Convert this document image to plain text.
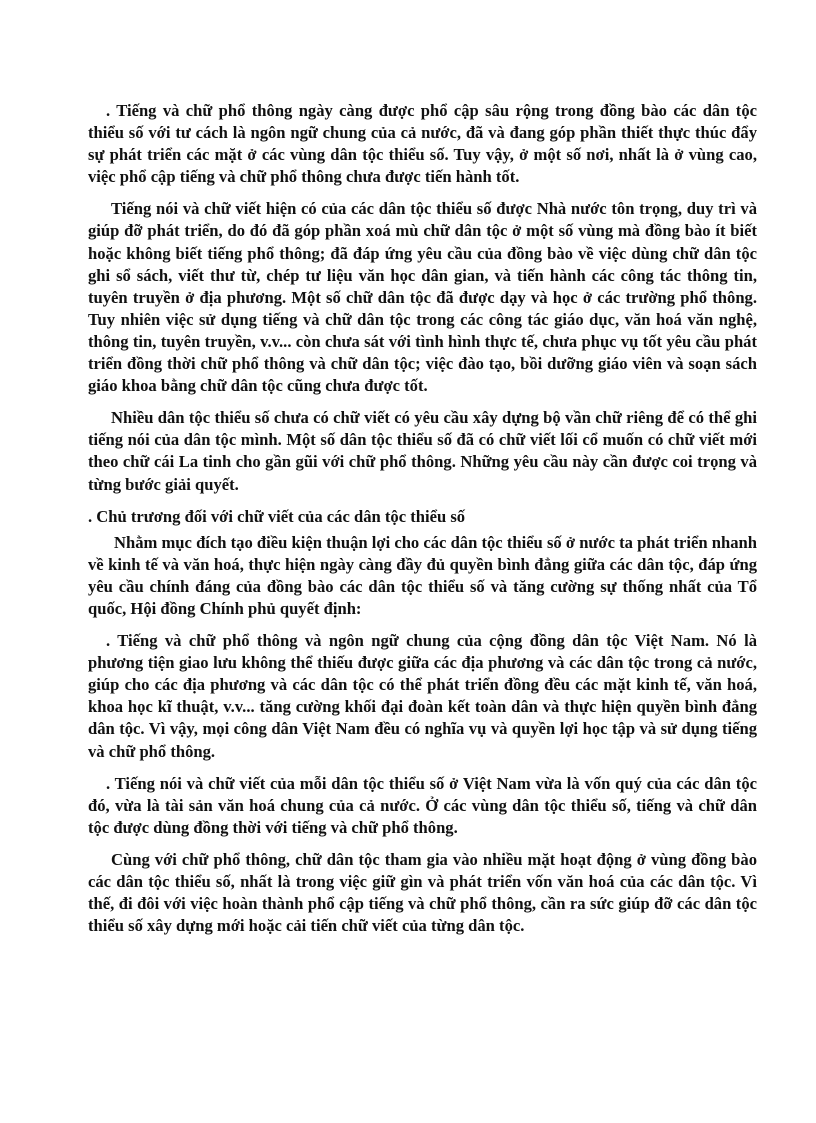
. Tiếng và chữ phổ thông ngày càng được phổ cập sâu rộng trong đồng bào các dân tộc thiểu số với tư cách là ngôn ngữ chung của cả nước, đã và đang góp phần thiết thực thúc đẩy sự phát triển các mặt ở các vùng dân tộc thiểu số. Tuy vậy, ở một số nơi, nhất là ở vùng cao, việc phổ cập tiếng và chữ phổ thông chưa được tiến hành tốt.

Tiếng nói và chữ viết hiện có của các dân tộc thiểu số được Nhà nước tôn trọng, duy trì và giúp đỡ phát triển, do đó đã góp phần xoá mù chữ dân tộc ở một số vùng mà đồng bào ít biết hoặc không biết tiếng phổ thông; đã đáp ứng yêu cầu của đồng bào về việc dùng chữ dân tộc ghi sổ sách, viết thư từ, chép tư liệu văn học dân gian, và tiến hành các công tác thông tin, tuyên truyền ở địa phương. Một số chữ dân tộc đã được dạy và học ở các trường phổ thông. Tuy nhiên việc sử dụng tiếng và chữ dân tộc trong các công tác giáo dục, văn hoá văn nghệ, thông tin, tuyên truyền, v.v... còn chưa sát với tình hình thực tế, chưa phục vụ tốt yêu cầu phát triển đồng thời chữ phổ thông và chữ dân tộc; việc đào tạo, bồi dưỡng giáo viên và soạn sách giáo khoa bằng chữ dân tộc cũng chưa được tốt.

Nhiều dân tộc thiểu số chưa có chữ viết có yêu cầu xây dựng bộ vần chữ riêng để có thể ghi tiếng nói của dân tộc mình. Một số dân tộc thiểu số đã có chữ viết lối cổ muốn có chữ viết mới theo chữ cái La tinh cho gần gũi với chữ phổ thông. Những yêu cầu này cần được coi trọng và từng bước giải quyết.

. Chủ trương đối với chữ viết của các dân tộc thiểu số

Nhằm mục đích tạo điều kiện thuận lợi cho các dân tộc thiểu số ở nước ta phát triển nhanh về kinh tế và văn hoá, thực hiện ngày càng đầy đủ quyền bình đẳng giữa các dân tộc, đáp ứng yêu cầu chính đáng của đồng bào các dân tộc thiểu số và tăng cường sự thống nhất của Tổ quốc, Hội đồng Chính phủ quyết định:

. Tiếng và chữ phổ thông và ngôn ngữ chung của cộng đồng dân tộc Việt Nam. Nó là phương tiện giao lưu không thể thiếu được giữa các địa phương và các dân tộc trong cả nước, giúp cho các địa phương và các dân tộc có thể phát triển đồng đều các mặt kinh tế, văn hoá, khoa học kĩ thuật, v.v... tăng cường khối đại đoàn kết toàn dân và thực hiện quyền bình đẳng dân tộc. Vì vậy, mọi công dân Việt Nam đều có nghĩa vụ và quyền lợi học tập và sử dụng tiếng và chữ phổ thông.

. Tiếng nói và chữ viết của mỗi dân tộc thiểu số ở Việt Nam vừa là vốn quý của các dân tộc đó, vừa là tài sản văn hoá chung của cả nước. Ở các vùng dân tộc thiểu số, tiếng và chữ dân tộc được dùng đồng thời với tiếng và chữ phổ thông.

Cùng với chữ phổ thông, chữ dân tộc tham gia vào nhiều mặt hoạt động ở vùng đồng bào các dân tộc thiểu số, nhất là trong việc giữ gìn và phát triển vốn văn hoá của các dân tộc. Vì thế, đi đôi với việc hoàn thành phổ cập tiếng và chữ phổ thông, cần ra sức giúp đỡ các dân tộc thiểu số xây dựng mới hoặc cải tiến chữ viết của từng dân tộc.
